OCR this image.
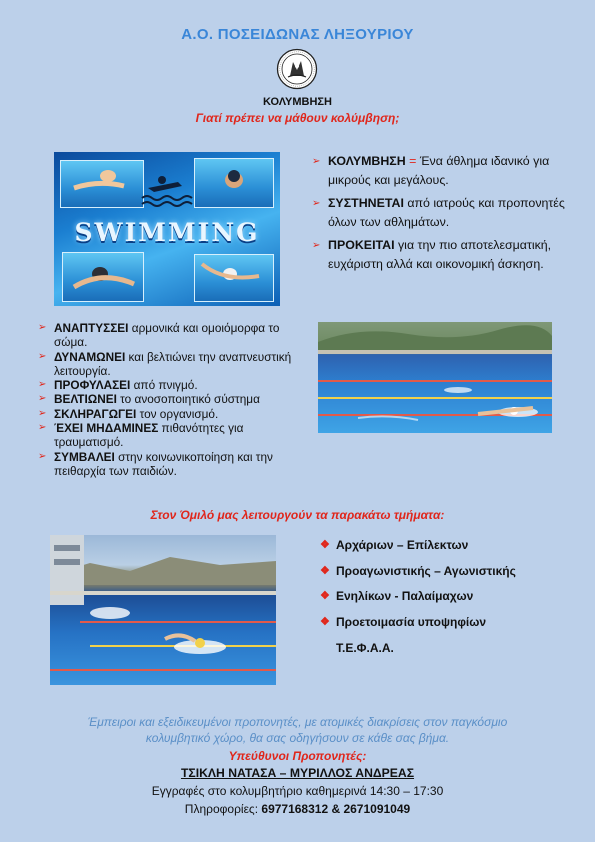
Α.Ο. ΠΟΣΕΙΔΩΝΑΣ ΛΗΞΟΥΡΙΟΥ
ΚΟΛΥΜΒΗΣΗ
Γιατί πρέπει να μάθουν κολύμβηση;
SWIMMING
➢ ΚΟΛΥΜΒΗΣΗ = Ένα άθλημα ιδανικό για μικρούς και μεγάλους.
➢ ΣΥΣΤΗΝΕΤΑΙ από ιατρούς και προπονητές όλων των αθλημάτων.
➢ ΠΡΟΚΕΙΤΑΙ για την πιο αποτελεσματική, ευχάριστη αλλά και οικονομική άσκηση.
➢ ΑΝΑΠΤΥΣΣΕΙ αρμονικά και ομοιόμορφα το σώμα.
➢ ΔΥΝΑΜΩΝΕΙ και βελτιώνει την αναπνευστική λειτουργία.
➢ ΠΡΟΦΥΛΑΣΕΙ από πνιγμό.
➢ ΒΕΛΤΙΩΝΕΙ το ανοσοποιητικό σύστημα
➢ ΣΚΛΗΡΑΓΩΓΕΙ τον οργανισμό.
➢ ΈΧΕΙ ΜΗΔΑΜΙΝΕΣ πιθανότητες για τραυματισμό.
➢ ΣΥΜΒΑΛΕΙ στην κοινωνικοποίηση και την πειθαρχία των παιδιών.
Στον Όμιλό μας λειτουργούν τα παρακάτω τμήματα:
❖ Αρχάριων – Επίλεκτων
❖ Προαγωνιστικής – Αγωνιστικής
❖ Ενηλίκων - Παλαίμαχων
❖ Προετοιμασία υποψηφίων
Τ.Ε.Φ.Α.Α.
Έμπειροι και εξειδικευμένοι προπονητές, με ατομικές διακρίσεις στον παγκόσμιο κολυμβητικό χώρο, θα σας οδηγήσουν σε κάθε σας βήμα.
Υπεύθυνοι Προπονητές:
ΤΣΙΚΛΗ ΝΑΤΑΣΑ – ΜΥΡΙΛΛΟΣ ΑΝΔΡΕΑΣ
Εγγραφές στο κολυμβητήριο καθημερινά 14:30 – 17:30
Πληροφορίες: 6977168312 & 2671091049
